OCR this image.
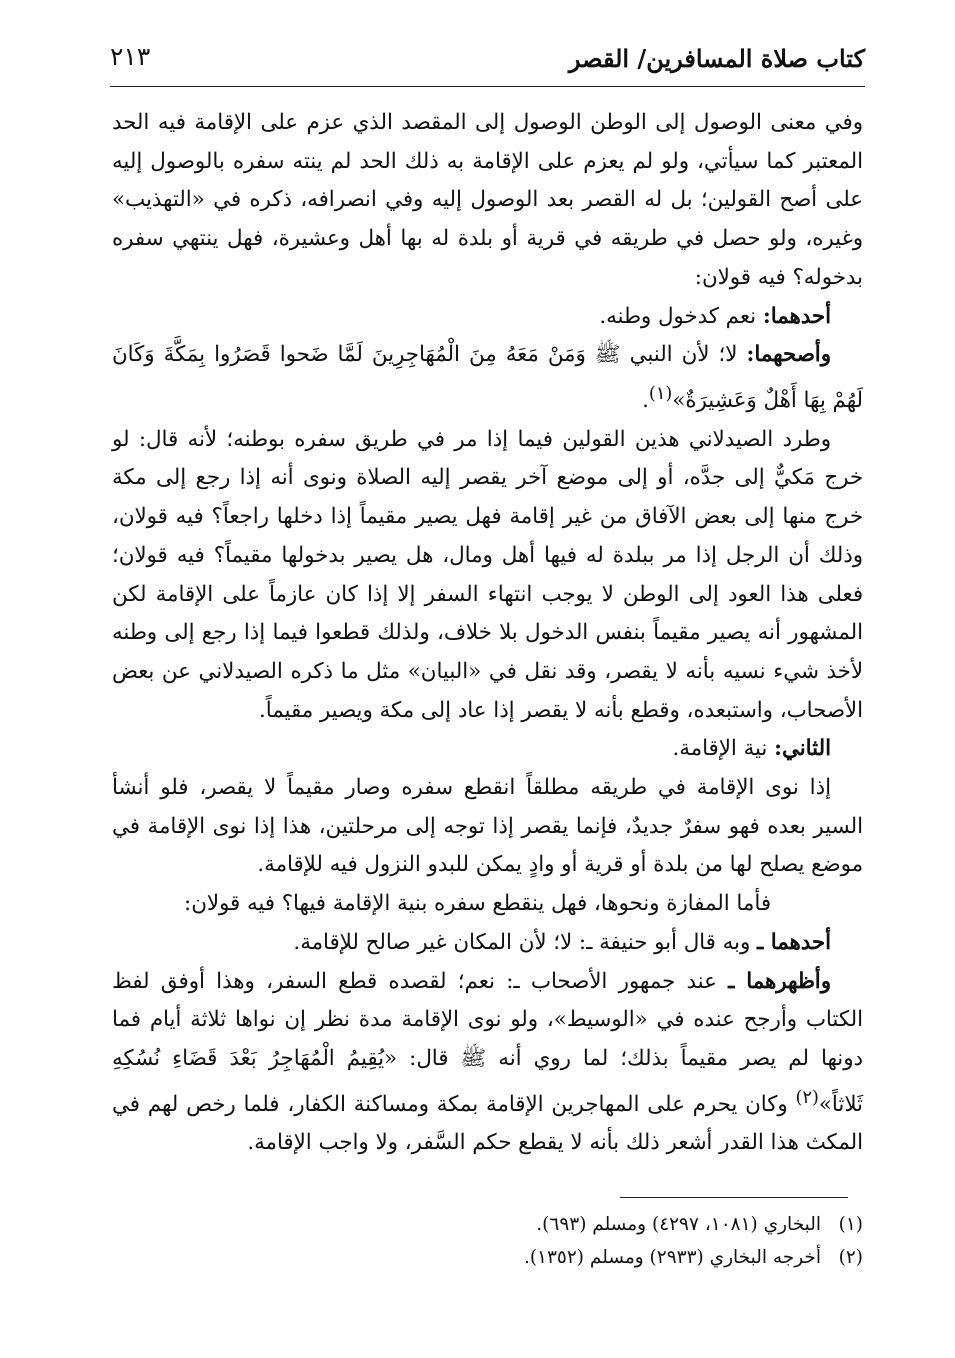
كتاب صلاة المسافرين/ القصر
٢١٣

وفي معنى الوصول إلى الوطن الوصول إلى المقصد الذي عزم على الإقامة فيه الحد المعتبر كما سيأتي، ولو لم يعزم على الإقامة به ذلك الحد لم ينته سفره بالوصول إليه على أصح القولين؛ بل له القصر بعد الوصول إليه وفي انصرافه، ذكره في «التهذيب» وغيره، ولو حصل في طريقه في قرية أو بلدة له بها أهل وعشيرة، فهل ينتهي سفره بدخوله؟ فيه قولان:

أحدهما: نعم كدخول وطنه.

وأصحهما: لا؛ لأن النبي ﷺ وَمَنْ مَعَهُ مِنَ الْمُهَاجِرِينَ لَمَّا ضَحوا قَصَرُوا بِمَكَّةَ وَكَانَ لَهُمْ بِهَا أَهْلٌ وَعَشِيرَةٌ»$^{(١)}$.

وطرد الصيدلاني هذين القولين فيما إذا مر في طريق سفره بوطنه؛ لأنه قال: لو خرج مَكيٌّ إلى جدَّه، أو إلى موضع آخر يقصر إليه الصلاة ونوى أنه إذا رجع إلى مكة خرج منها إلى بعض الآفاق من غير إقامة فهل يصير مقيماً إذا دخلها راجعاً؟ فيه قولان، وذلك أن الرجل إذا مر ببلدة له فيها أهل ومال، هل يصير بدخولها مقيماً؟ فيه قولان؛ فعلى هذا العود إلى الوطن لا يوجب انتهاء السفر إلا إذا كان عازماً على الإقامة لكن المشهور أنه يصير مقيماً بنفس الدخول بلا خلاف، ولذلك قطعوا فيما إذا رجع إلى وطنه لأخذ شيء نسيه بأنه لا يقصر، وقد نقل في «البيان» مثل ما ذكره الصيدلاني عن بعض الأصحاب، واستبعده، وقطع بأنه لا يقصر إذا عاد إلى مكة ويصير مقيماً.

الثاني: نية الإقامة.

إذا نوى الإقامة في طريقه مطلقاً انقطع سفره وصار مقيماً لا يقصر، فلو أنشأ السير بعده فهو سفرٌ جديدٌ، فإنما يقصر إذا توجه إلى مرحلتين، هذا إذا نوى الإقامة في موضع يصلح لها من بلدة أو قرية أو وادٍ يمكن للبدو النزول فيه للإقامة.

فأما المفازة ونحوها، فهل ينقطع سفره بنية الإقامة فيها؟ فيه قولان:

أحدهما ـ وبه قال أبو حنيفة ـ: لا؛ لأن المكان غير صالح للإقامة.

وأظهرهما ـ عند جمهور الأصحاب ـ: نعم؛ لقصده قطع السفر، وهذا أوفق لفظ الكتاب وأرجح عنده في «الوسيط»، ولو نوى الإقامة مدة نظر إن نواها ثلاثة أيام فما دونها لم يصر مقيماً بذلك؛ لما روي أنه ﷺ قال: «يُقِيمُ الْمُهَاجِرُ بَعْدَ قَضَاءِ نُسُكِهِ ثَلاثاً»$^{(٢)}$ وكان يحرم على المهاجرين الإقامة بمكة ومساكنة الكفار، فلما رخص لهم في المكث هذا القدر أشعر ذلك بأنه لا يقطع حكم السَّفر، ولا واجب الإقامة.

(١)البخاري (١٠٨١، ٤٢٩٧) ومسلم (٦٩٣).

(٢)أخرجه البخاري (٢٩٣٣) ومسلم (١٣٥٢).
